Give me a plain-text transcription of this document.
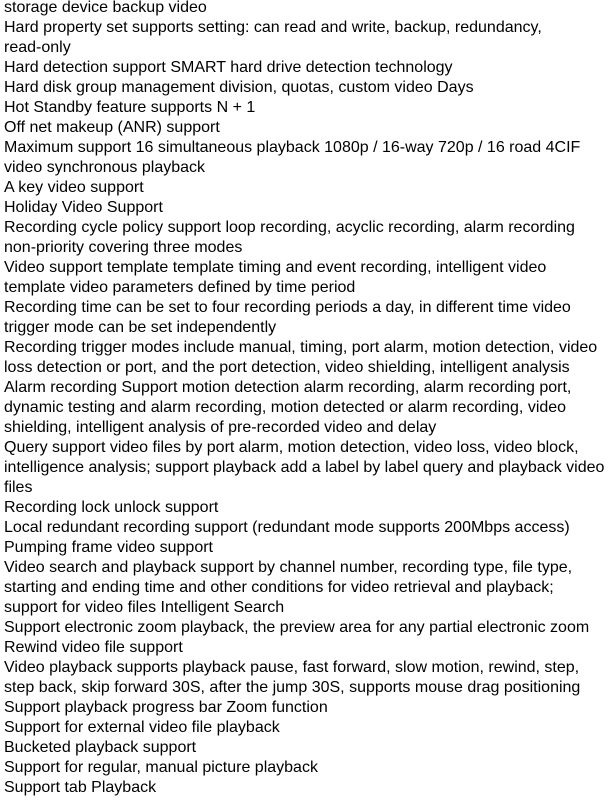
storage device backup video
Hard property set supports setting: can read and write, backup, redundancy,
read-only
Hard detection support SMART hard drive detection technology
Hard disk group management division, quotas, custom video Days
Hot Standby feature supports N + 1
Off net makeup (ANR) support
Maximum support 16 simultaneous playback 1080p / 16-way 720p / 16 road 4CIF
video synchronous playback
A key video support
Holiday Video Support
Recording cycle policy support loop recording, acyclic recording, alarm recording
non-priority covering three modes
Video support template template timing and event recording, intelligent video
template video parameters defined by time period
Recording time can be set to four recording periods a day, in different time video
trigger mode can be set independently
Recording trigger modes include manual, timing, port alarm, motion detection, video
loss detection or port, and the port detection, video shielding, intelligent analysis
Alarm recording Support motion detection alarm recording, alarm recording port,
dynamic testing and alarm recording, motion detected or alarm recording, video
shielding, intelligent analysis of pre-recorded video and delay
Query support video files by port alarm, motion detection, video loss, video block,
intelligence analysis; support playback add a label by label query and playback video
files
Recording lock unlock support
Local redundant recording support (redundant mode supports 200Mbps access)
Pumping frame video support
Video search and playback support by channel number, recording type, file type,
starting and ending time and other conditions for video retrieval and playback;
support for video files Intelligent Search
Support electronic zoom playback, the preview area for any partial electronic zoom
Rewind video file support
Video playback supports playback pause, fast forward, slow motion, rewind, step,
step back, skip forward 30S, after the jump 30S, supports mouse drag positioning
Support playback progress bar Zoom function
Support for external video file playback
Bucketed playback support
Support for regular, manual picture playback
Support tab Playback
